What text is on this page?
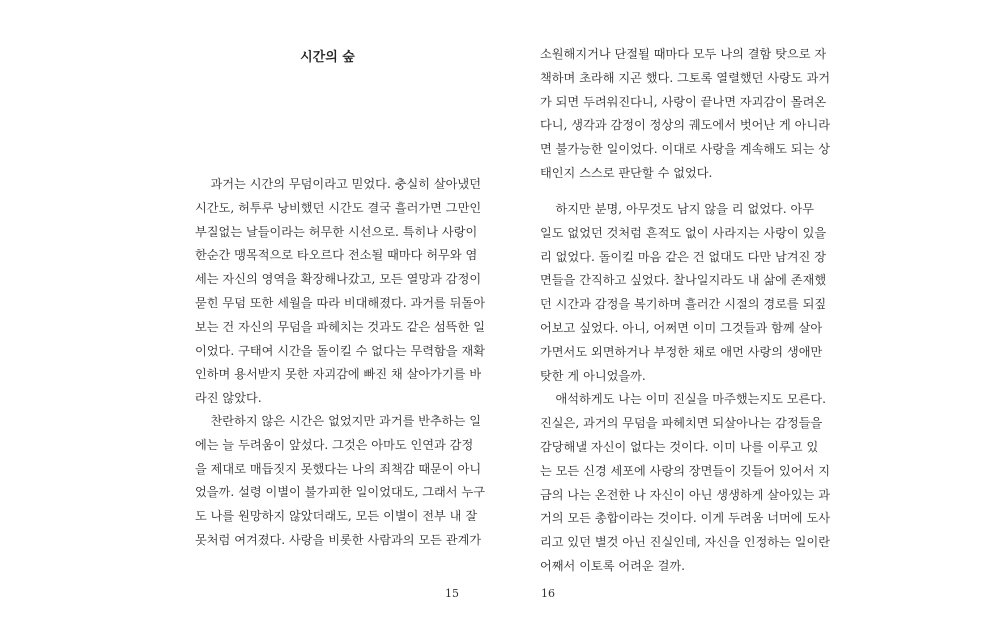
시간의 숲
과거는 시간의 무덤이라고 믿었다. 충실히 살아냈던
시간도, 허투루 낭비했던 시간도 결국 흘러가면 그만인
부질없는 날들이라는 허무한 시선으로. 특히나 사랑이
한순간 맹목적으로 타오르다 전소될 때마다 허무와 염
세는 자신의 영역을 확장해나갔고, 모든 열망과 감정이
묻힌 무덤 또한 세월을 따라 비대해졌다. 과거를 뒤돌아
보는 건 자신의 무덤을 파헤치는 것과도 같은 섬뜩한 일
이었다. 구태여 시간을 돌이킬 수 없다는 무력함을 재확
인하며 용서받지 못한 자괴감에 빠진 채 살아가기를 바
라진 않았다.
찬란하지 않은 시간은 없었지만 과거를 반추하는 일
에는 늘 두려움이 앞섰다. 그것은 아마도 인연과 감정
을 제대로 매듭짓지 못했다는 나의 죄책감 때문이 아니
었을까. 설령 이별이 불가피한 일이었대도, 그래서 누구
도 나를 원망하지 않았더래도, 모든 이별이 전부 내 잘
못처럼 여겨졌다. 사랑을 비롯한 사람과의 모든 관계가
15
소원해지거나 단절될 때마다 모두 나의 결함 탓으로 자
책하며 초라해 지곤 했다. 그토록 열렬했던 사랑도 과거
가 되면 두려워진다니, 사랑이 끝나면 자괴감이 몰려온
다니, 생각과 감정이 정상의 궤도에서 벗어난 게 아니라
면 불가능한 일이었다. 이대로 사랑을 계속해도 되는 상
태인지 스스로 판단할 수 없었다.
하지만 분명, 아무것도 남지 않을 리 없었다. 아무
일도 없었던 것처럼 흔적도 없이 사라지는 사랑이 있을
리 없었다. 돌이킬 마음 같은 건 없대도 다만 남겨진 장
면들을 간직하고 싶었다. 찰나일지라도 내 삶에 존재했
던 시간과 감정을 복기하며 흘러간 시절의 경로를 되짚
어보고 싶었다. 아니, 어쩌면 이미 그것들과 함께 살아
가면서도 외면하거나 부정한 채로 애먼 사랑의 생애만
탓한 게 아니었을까.
애석하게도 나는 이미 진실을 마주했는지도 모른다.
진실은, 과거의 무덤을 파헤치면 되살아나는 감정들을
감당해낼 자신이 없다는 것이다. 이미 나를 이루고 있
는 모든 신경 세포에 사랑의 장면들이 깃들어 있어서 지
금의 나는 온전한 나 자신이 아닌 생생하게 살아있는 과
거의 모든 총합이라는 것이다. 이게 두려움 너머에 도사
리고 있던 별것 아닌 진실인데, 자신을 인정하는 일이란
어째서 이토록 어려운 걸까.
16
